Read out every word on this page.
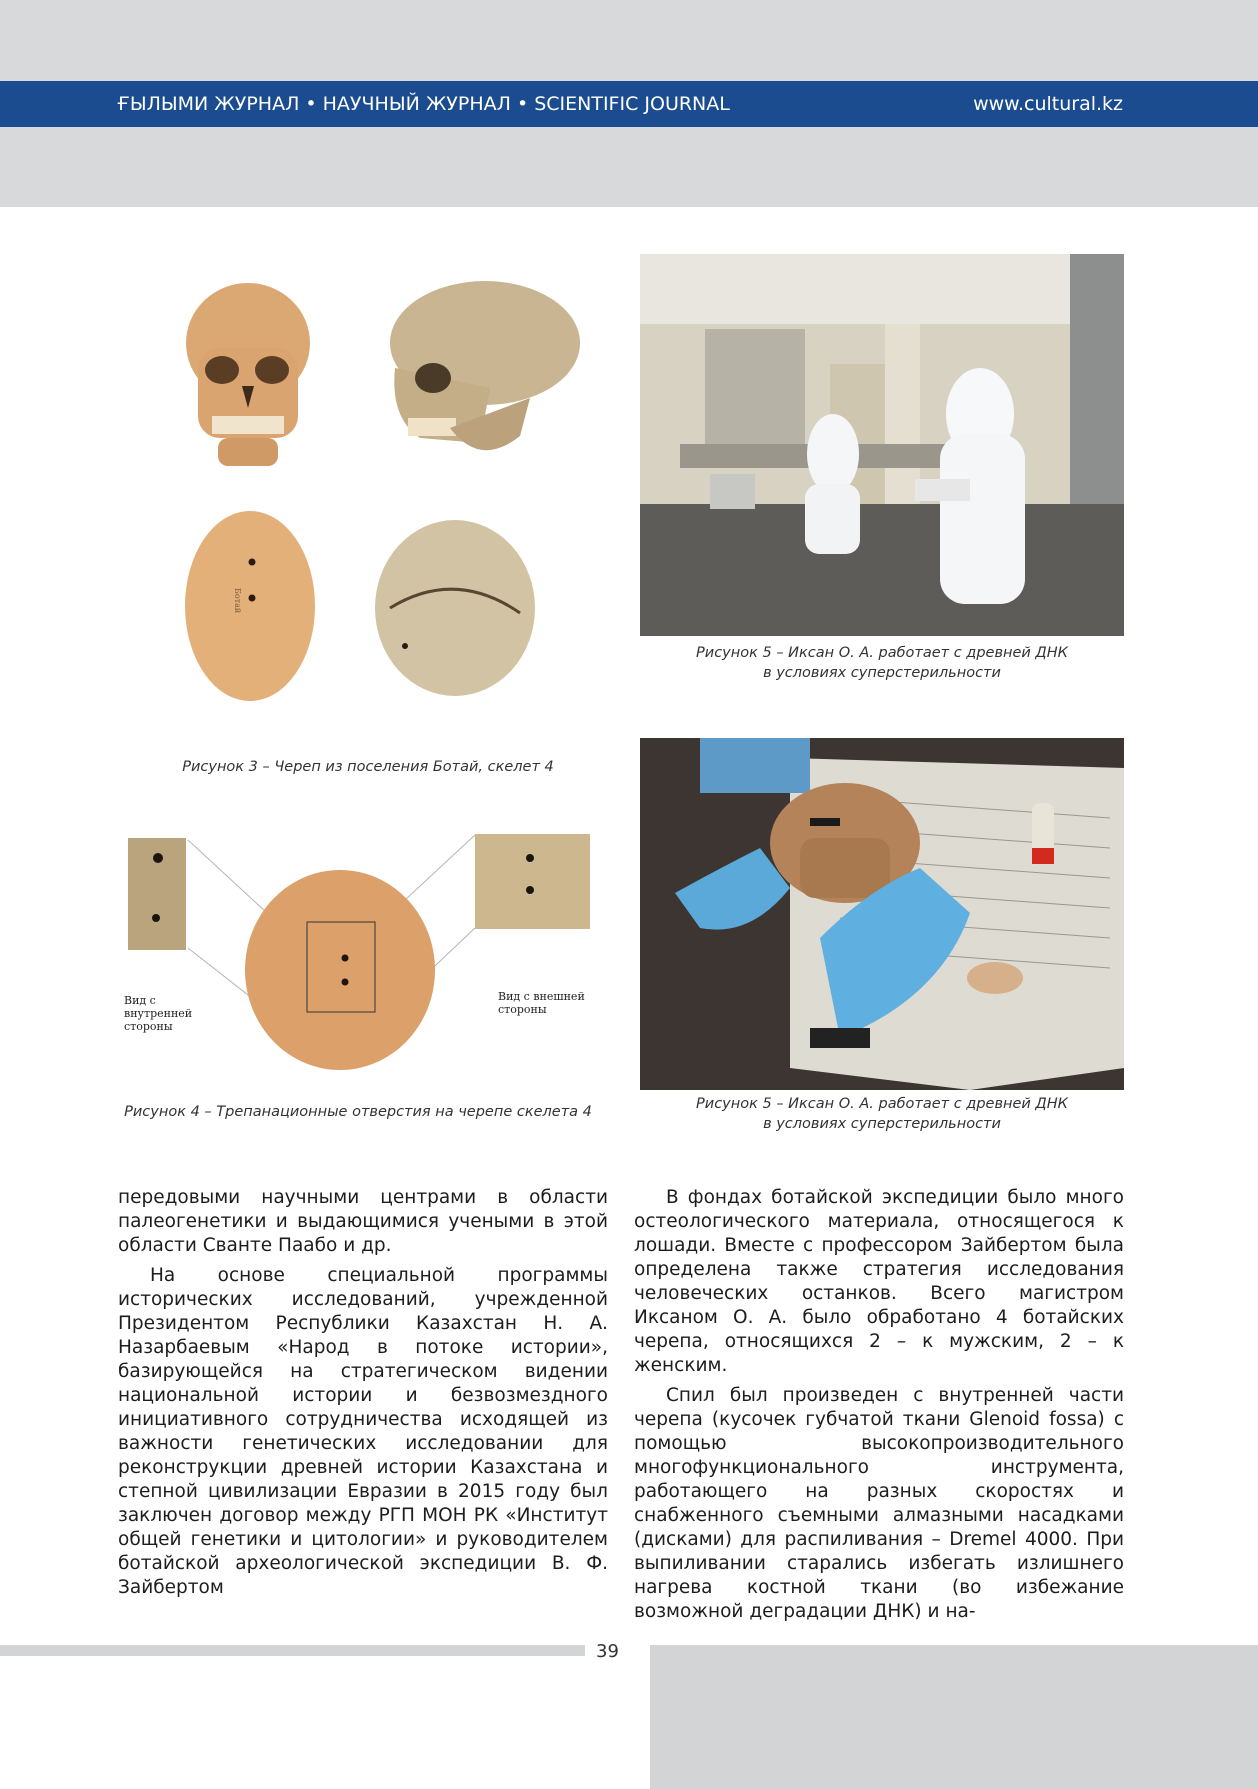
ҒЫЛЫМИ ЖУРНАЛ • НАУЧНЫЙ ЖУРНАЛ • SCIENTIFIC JOURNAL	www.cultural.kz
Ботай
Рисунок 3 – Череп из поселения Ботай, скелет 4
Вид с внутренней стороны
Вид с внешней стороны
Рисунок 4 – Трепанационные отверстия на черепе скелета 4
Рисунок 5 – Иксан О. А. работает с древней ДНК
в условиях суперстерильности
Рисунок 5 – Иксан О. А. работает с древней ДНК
в условиях суперстерильности

передовыми научными центрами в области палеогенетики и выдающимися учеными в этой области Сванте Паабо и др.

На основе специальной программы исторических исследований, учрежденной Президентом Республики Казахстан Н. А. Назарбаевым «Народ в потоке истории», базирующейся на стратегическом видении национальной истории и безвозмездного инициативного сотрудничества исходящей из важности генетических исследовании для реконструкции древней истории Казахстана и степной цивилизации Евразии в 2015 году был заключен договор между РГП МОН РК «Институт общей генетики и цитологии» и руководителем ботайской археологической экспедиции В. Ф. Зайбертом

В фондах ботайской экспедиции было много остеологического материала, относящегося к лошади. Вместе с профессором Зайбертом была определена также стратегия исследования человеческих останков. Всего магистром Иксаном О. А. было обработано 4 ботайских черепа, относящихся 2 – к мужским, 2 – к женским.

Спил был произведен с внутренней части черепа (кусочек губчатой ткани Glenoid fossa) с помощью высокопроизводительного многофункционального инструмента, работающего на разных скоростях и снабженного съемными алмазными насадками (дисками) для распиливания – Dremel 4000. При выпиливании старались избегать излишнего нагрева костной ткани (во избежание возможной деградации ДНК) и на-

39
